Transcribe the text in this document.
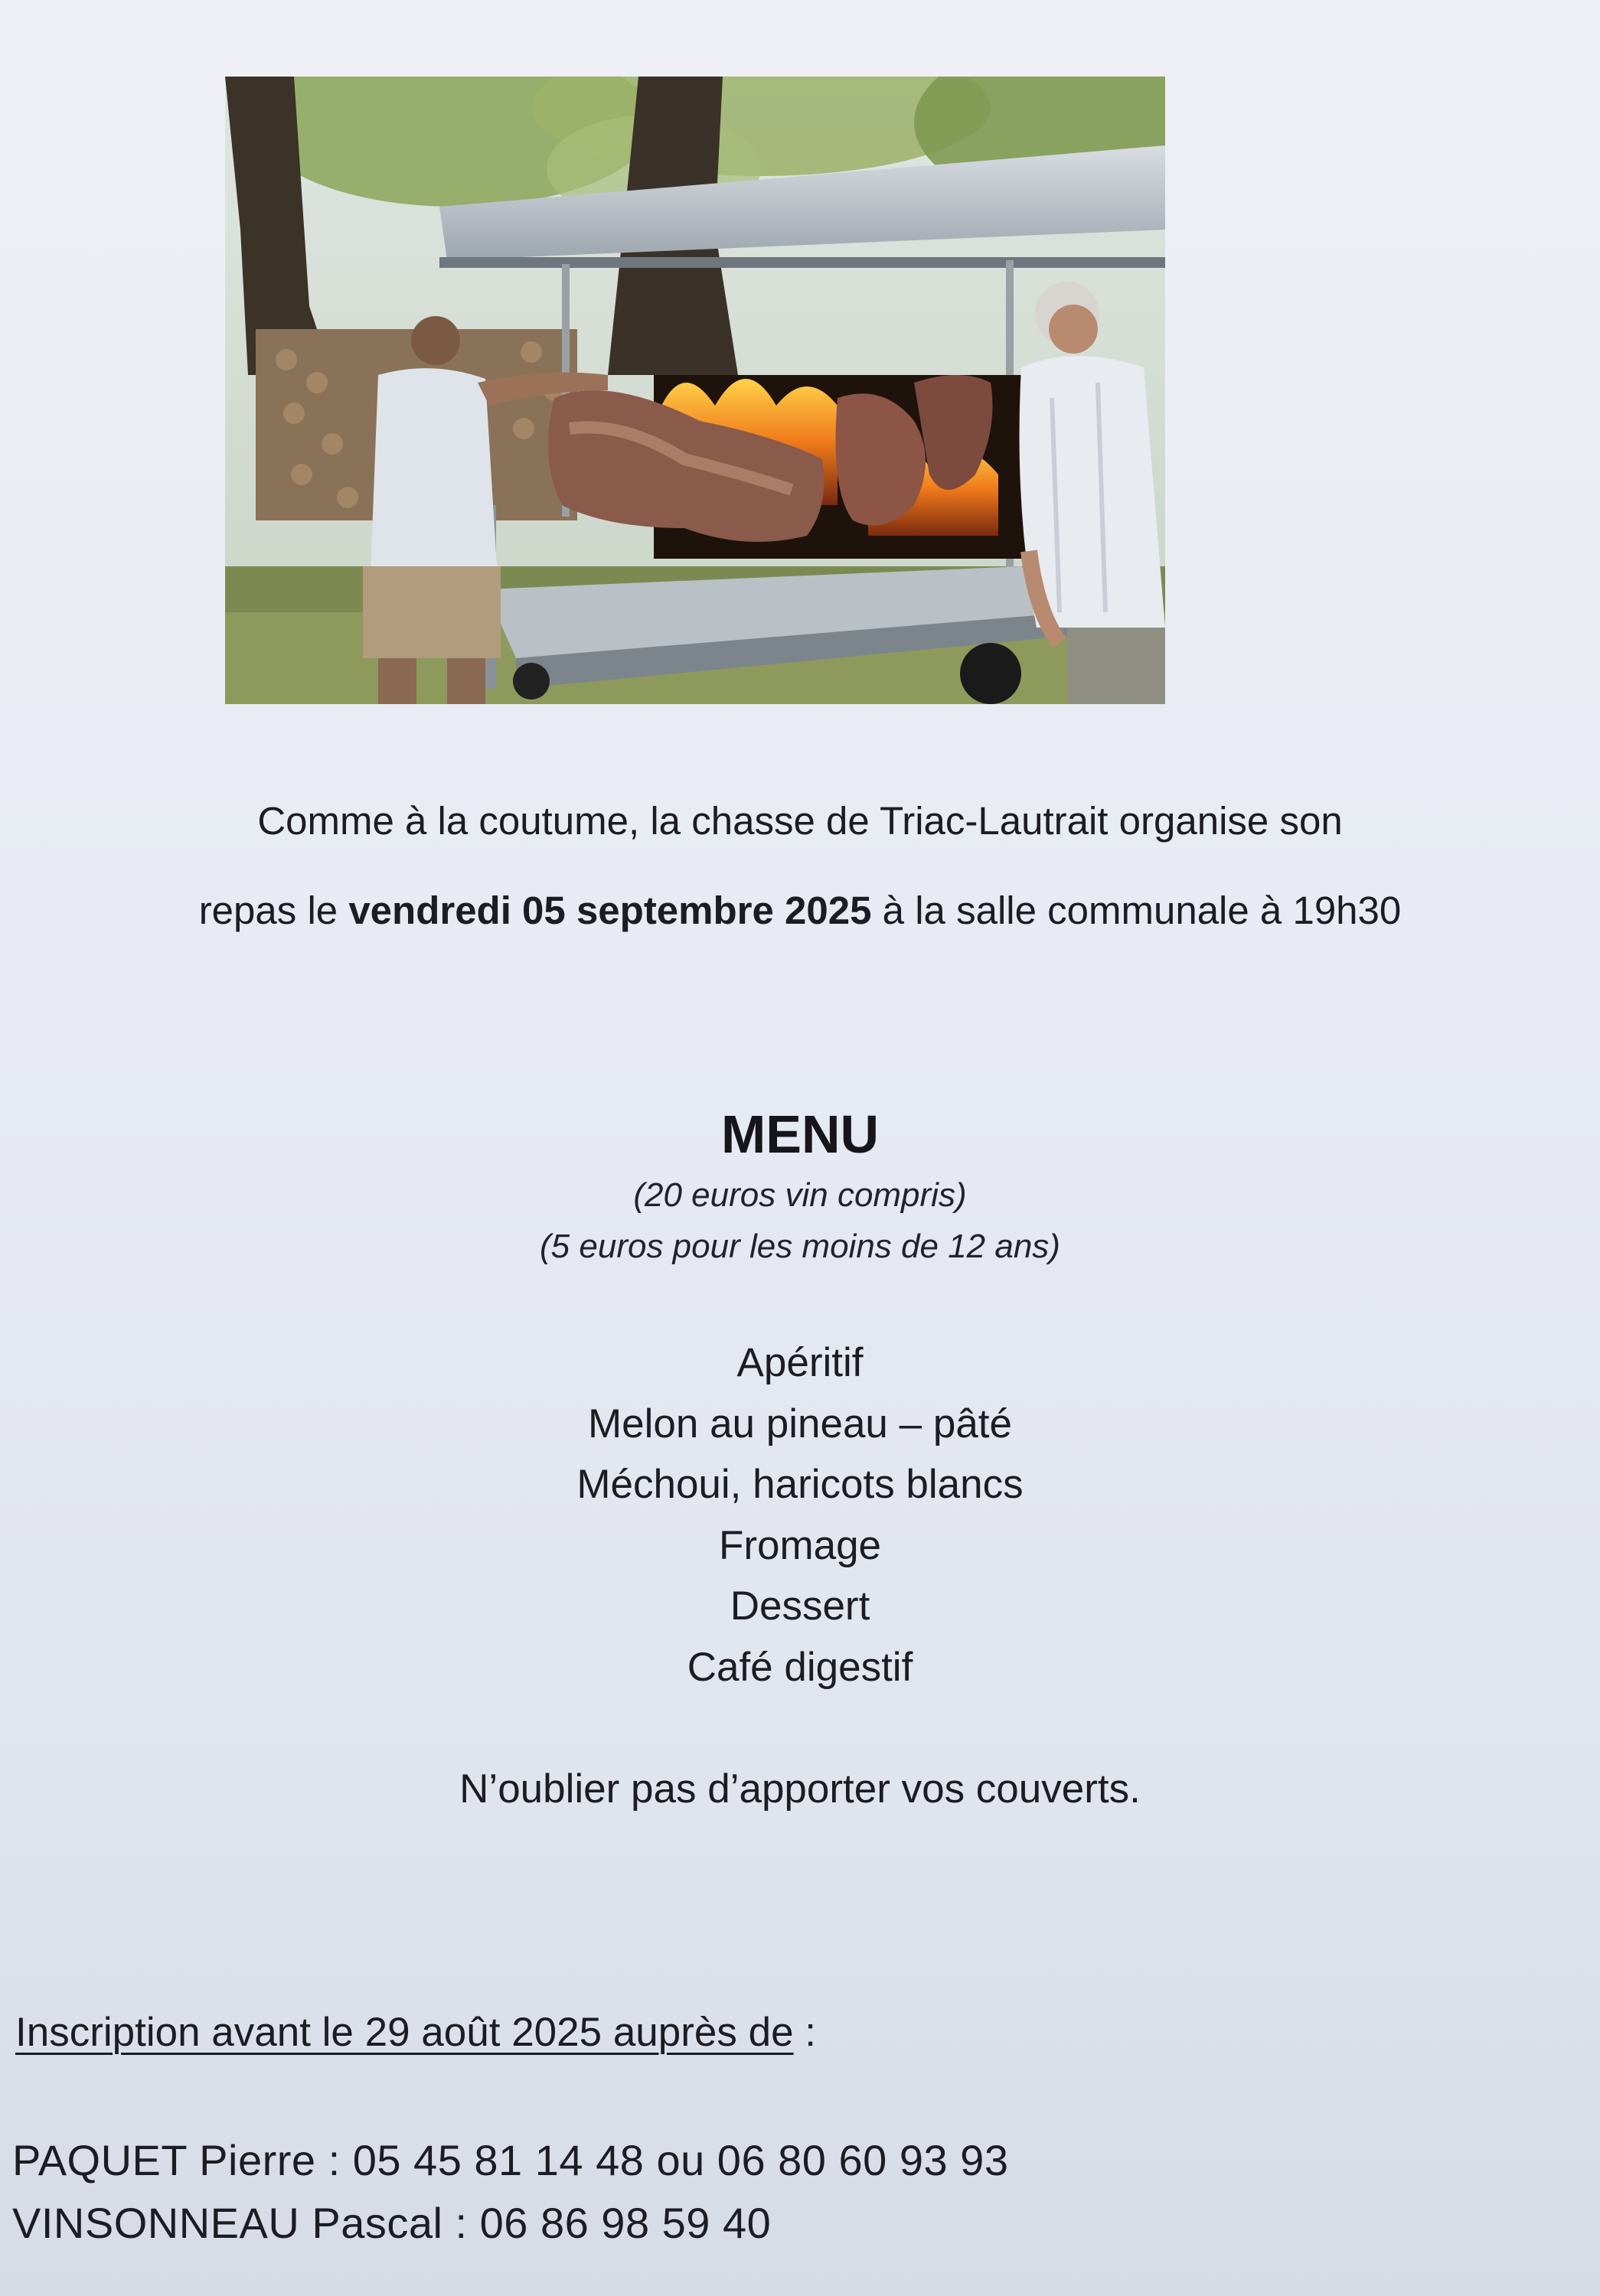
Comme à la coutume, la chasse de Triac-Lautrait organise son
repas le vendredi 05 septembre 2025 à la salle communale à 19h30
MENU
(20 euros vin compris)
(5 euros pour les moins de 12 ans)
Apéritif
Melon au pineau – pâté
Méchoui, haricots blancs
Fromage
Dessert
Café digestif
N’oublier pas d’apporter vos couverts.
Inscription avant le 29 août 2025 auprès de :
PAQUET Pierre : 05 45 81 14 48 ou 06 80 60 93 93
VINSONNEAU Pascal : 06 86 98 59 40
